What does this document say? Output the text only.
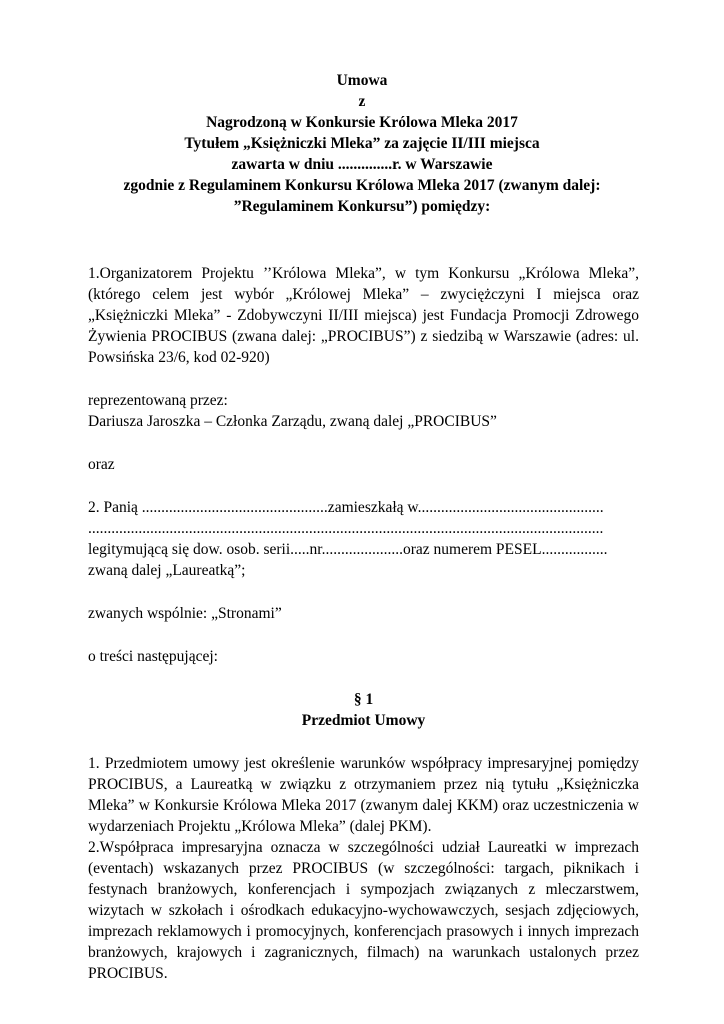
Umowa
z
Nagrodzoną w Konkursie Królowa Mleka 2017
Tytułem „Księżniczki Mleka” za zajęcie II/III miejsca
zawarta w dniu ..............r. w Warszawie
zgodnie z Regulaminem Konkursu Królowa Mleka 2017 (zwanym dalej:
”Regulaminem Konkursu”) pomiędzy:
1.Organizatorem Projektu ’’Królowa Mleka”, w tym Konkursu „Królowa Mleka”, (którego celem jest wybór „Królowej Mleka” – zwyciężczyni I miejsca oraz „Księżniczki Mleka” - Zdobywczyni II/III miejsca) jest Fundacja Promocji Zdrowego Żywienia PROCIBUS (zwana dalej: „PROCIBUS”) z siedzibą w Warszawie (adres: ul. Powsińska 23/6, kod 02-920)
reprezentowaną przez:
Dariusza Jaroszka – Członka Zarządu, zwaną dalej „PROCIBUS”
oraz
2. Panią ................................................zamieszkałą w................................................
.....................................................................................................................................
legitymującą się dow. osob. serii.....nr.....................oraz numerem PESEL.................
zwaną dalej „Laureatką”;
zwanych wspólnie: „Stronami”
o treści następującej:
§ 1
Przedmiot Umowy
1. Przedmiotem umowy jest określenie warunków współpracy impresaryjnej pomiędzy PROCIBUS, a Laureatką w związku z otrzymaniem przez nią tytułu „Księżniczka Mleka” w Konkursie Królowa Mleka 2017 (zwanym dalej KKM) oraz uczestniczenia w wydarzeniach Projektu „Królowa Mleka” (dalej PKM).
2.Współpraca impresaryjna oznacza w szczególności udział Laureatki w imprezach (eventach) wskazanych przez PROCIBUS (w szczególności: targach, piknikach i festynach branżowych, konferencjach i sympozjach związanych z mleczarstwem, wizytach w szkołach i ośrodkach edukacyjno-wychowawczych, sesjach zdjęciowych, imprezach reklamowych i promocyjnych, konferencjach prasowych i innych imprezach branżowych, krajowych i zagranicznych, filmach) na warunkach ustalonych przez PROCIBUS.
